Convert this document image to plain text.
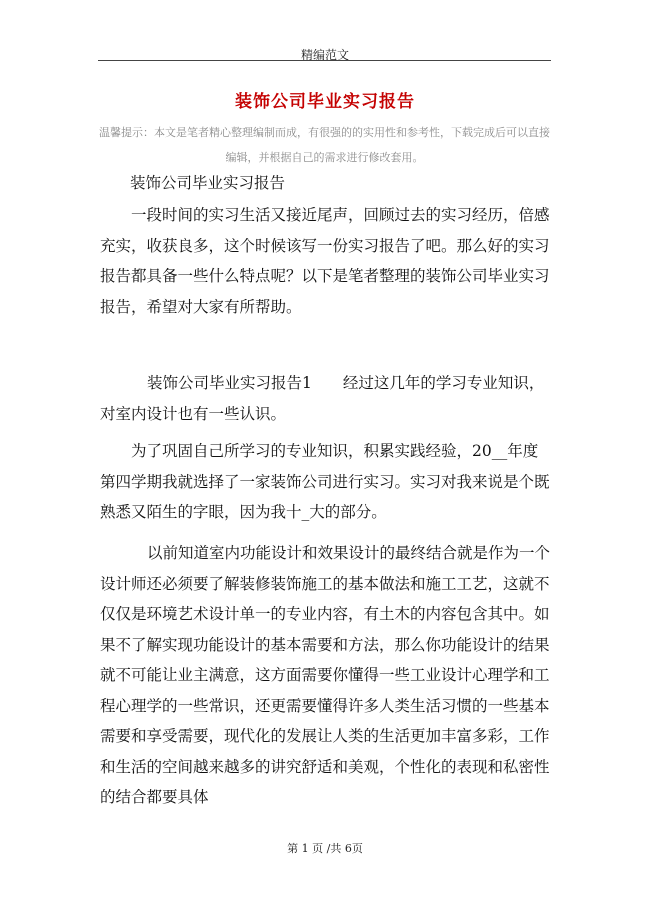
精编范文
装饰公司毕业实习报告
温馨提示：本文是笔者精心整理编制而成，有很强的的实用性和参考性，下载完成后可以直接编辑，并根据自己的需求进行修改套用。
装饰公司毕业实习报告
一段时间的实习生活又接近尾声，回顾过去的实习经历，倍感充实，收获良多，这个时候该写一份实习报告了吧。那么好的实习报告都具备一些什么特点呢？以下是笔者整理的装饰公司毕业实习报告，希望对大家有所帮助。
装饰公司毕业实习报告1　　经过这几年的学习专业知识，对室内设计也有一些认识。
为了巩固自己所学习的专业知识，积累实践经验，20__年度第四学期我就选择了一家装饰公司进行实习。实习对我来说是个既熟悉又陌生的字眼，因为我十_大的部分。
以前知道室内功能设计和效果设计的最终结合就是作为一个设计师还必须要了解装修装饰施工的基本做法和施工工艺，这就不仅仅是环境艺术设计单一的专业内容，有土木的内容包含其中。如果不了解实现功能设计的基本需要和方法，那么你功能设计的结果就不可能让业主满意，这方面需要你懂得一些工业设计心理学和工程心理学的一些常识，还更需要懂得许多人类生活习惯的一些基本需要和享受需要，现代化的发展让人类的生活更加丰富多彩，工作和生活的空间越来越多的讲究舒适和美观，个性化的表现和私密性的结合都要具体
第 1 页 /共 6页
